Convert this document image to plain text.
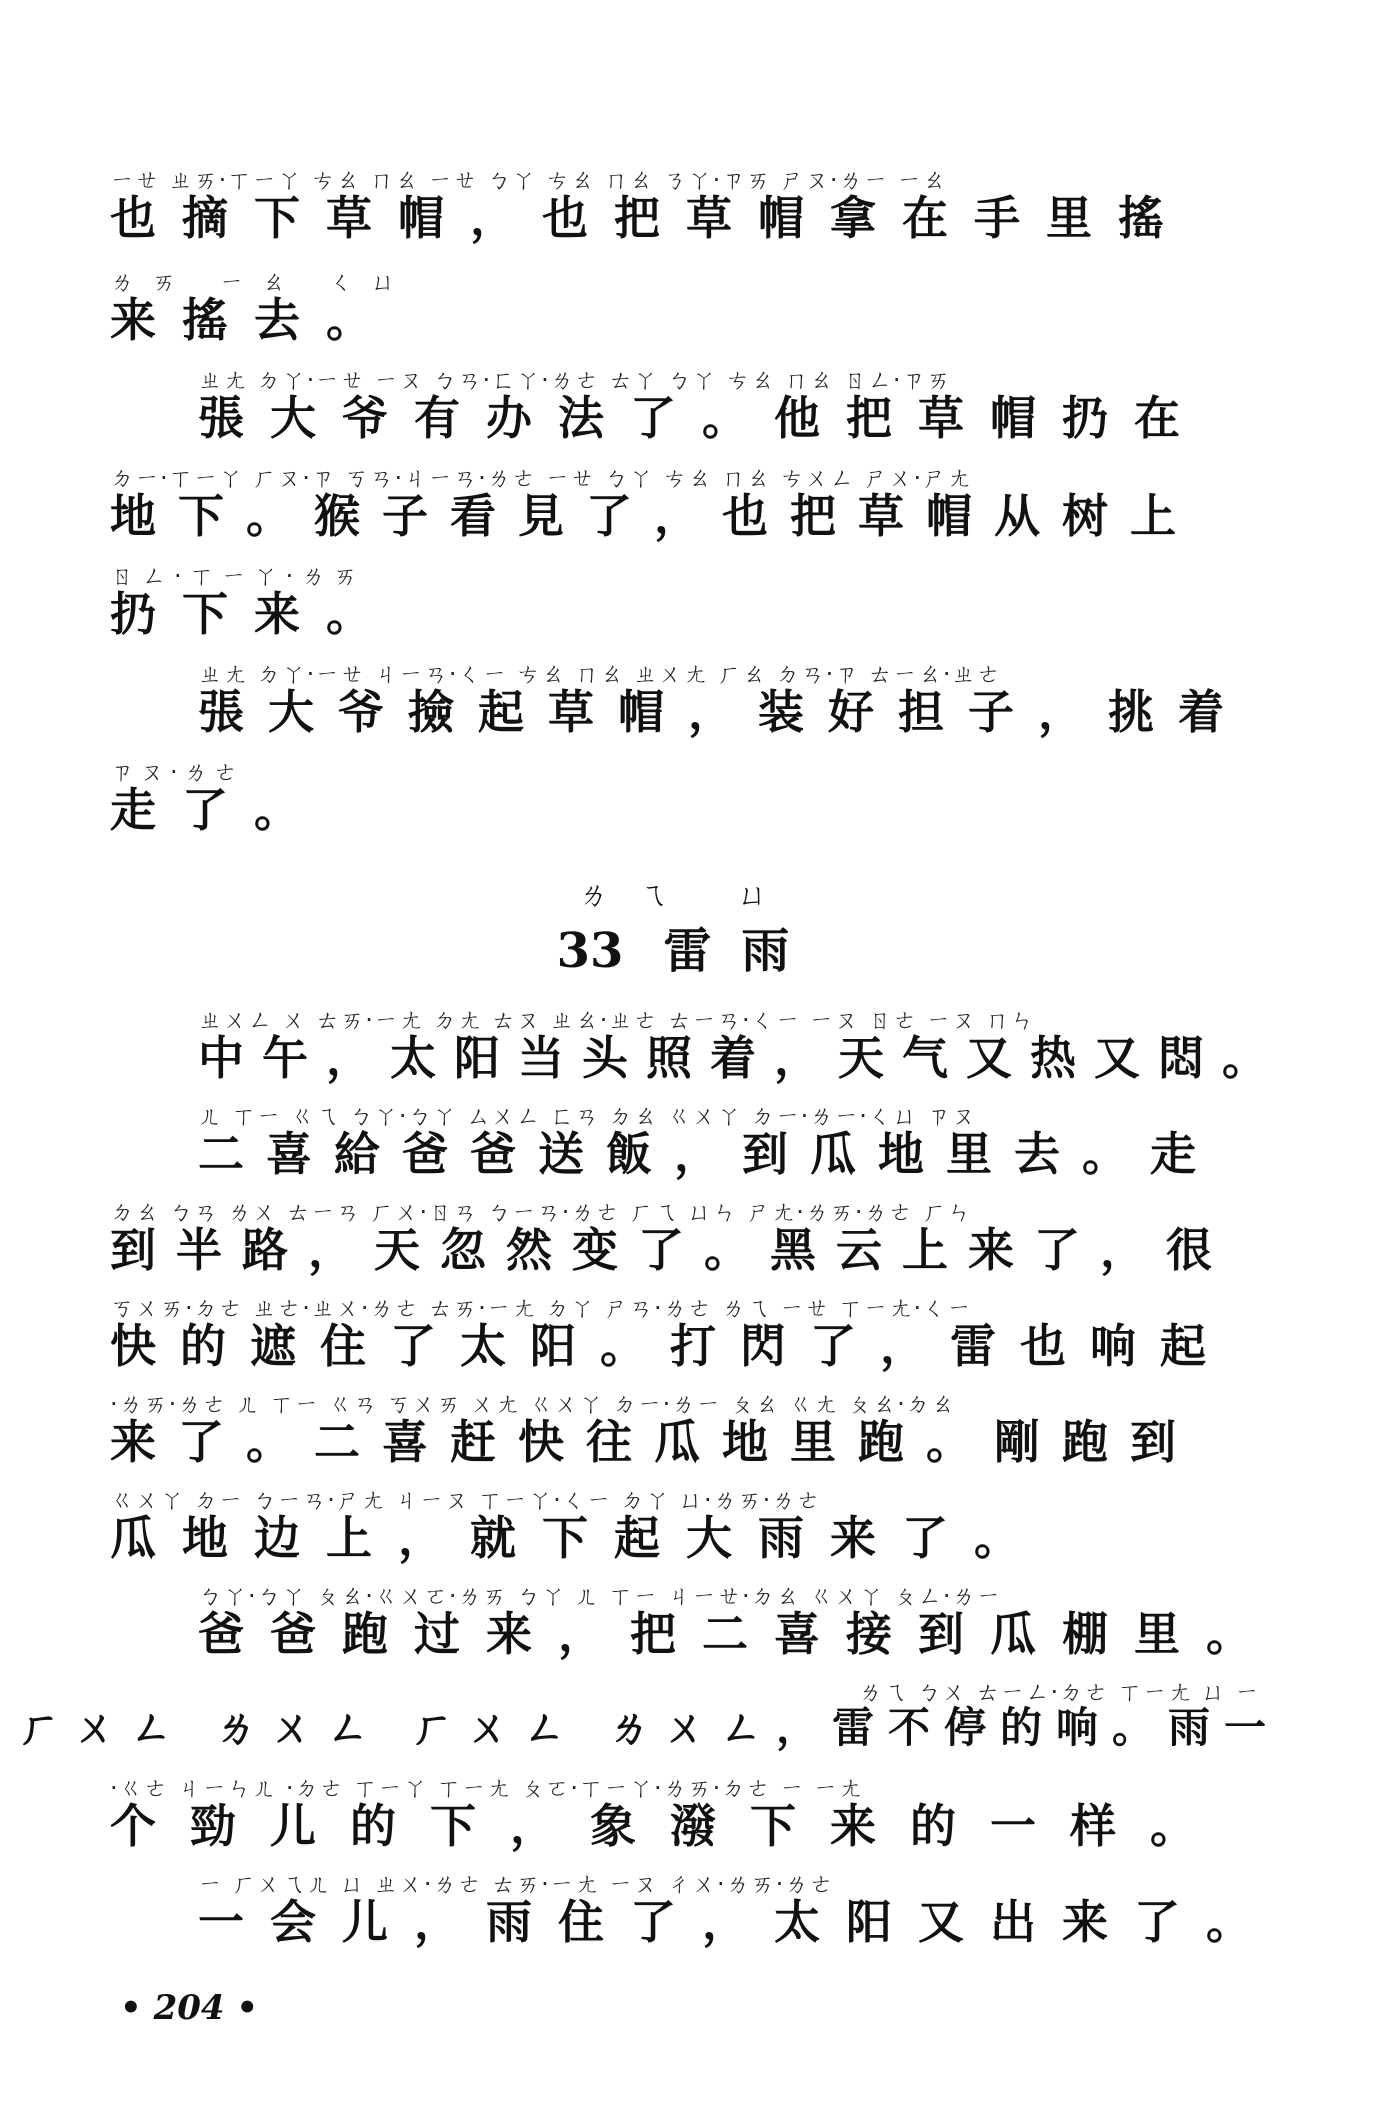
ㄧㄝ ㄓㄞ·ㄒㄧㄚ ㄘㄠ ㄇㄠ ㄧㄝ ㄅㄚ ㄘㄠ ㄇㄠ ㄋㄚ·ㄗㄞ ㄕㄡ·ㄌㄧ ㄧㄠ
也摘下草帽，也把草帽拿在手里搖
ㄌㄞ ㄧㄠ ㄑㄩ
来搖去。
ㄓㄤ ㄉㄚ·ㄧㄝ ㄧㄡ ㄅㄢ·ㄈㄚ·ㄌㄜ ㄊㄚ ㄅㄚ ㄘㄠ ㄇㄠ ㄖㄥ·ㄗㄞ
張大爷有办法了。他把草帽扔在
ㄉㄧ·ㄒㄧㄚ ㄏㄡ·ㄗ ㄎㄢ·ㄐㄧㄢ·ㄌㄜ ㄧㄝ ㄅㄚ ㄘㄠ ㄇㄠ ㄘㄨㄥ ㄕㄨ·ㄕㄤ
地下。猴子看見了，也把草帽从树上
ㄖㄥ·ㄒㄧㄚ·ㄌㄞ
扔下来。
ㄓㄤ ㄉㄚ·ㄧㄝ ㄐㄧㄢ·ㄑㄧ ㄘㄠ ㄇㄠ ㄓㄨㄤ ㄏㄠ ㄉㄢ·ㄗ ㄊㄧㄠ·ㄓㄜ
張大爷撿起草帽，装好担子，挑着
ㄗㄡ·ㄌㄜ
走了。
ㄌㄟ ㄩ
33 雷雨
ㄓㄨㄥ ㄨ ㄊㄞ·ㄧㄤ ㄉㄤ ㄊㄡ ㄓㄠ·ㄓㄜ ㄊㄧㄢ·ㄑㄧ ㄧㄡ ㄖㄜ ㄧㄡ ㄇㄣ
中午，太阳当头照着，天气又热又悶。
ㄦ ㄒㄧ ㄍㄟ ㄅㄚ·ㄅㄚ ㄙㄨㄥ ㄈㄢ ㄉㄠ ㄍㄨㄚ ㄉㄧ·ㄌㄧ·ㄑㄩ ㄗㄡ
二喜給爸爸送飯，到瓜地里去。走
ㄉㄠ ㄅㄢ ㄌㄨ ㄊㄧㄢ ㄏㄨ·ㄖㄢ ㄅㄧㄢ·ㄌㄜ ㄏㄟ ㄩㄣ ㄕㄤ·ㄌㄞ·ㄌㄜ ㄏㄣ
到半路，天忽然变了。黑云上来了，很
ㄎㄨㄞ·ㄉㄜ ㄓㄜ·ㄓㄨ·ㄌㄜ ㄊㄞ·ㄧㄤ ㄉㄚ ㄕㄢ·ㄌㄜ ㄌㄟ ㄧㄝ ㄒㄧㄤ·ㄑㄧ
快的遮住了太阳。打閃了，雷也响起
·ㄌㄞ·ㄌㄜ ㄦ ㄒㄧ ㄍㄢ ㄎㄨㄞ ㄨㄤ ㄍㄨㄚ ㄉㄧ·ㄌㄧ ㄆㄠ ㄍㄤ ㄆㄠ·ㄉㄠ
来了。二喜赶快往瓜地里跑。剛跑到
ㄍㄨㄚ ㄉㄧ ㄅㄧㄢ·ㄕㄤ ㄐㄧㄡ ㄒㄧㄚ·ㄑㄧ ㄉㄚ ㄩ·ㄌㄞ·ㄌㄜ
瓜地边上，就下起大雨来了。
ㄅㄚ·ㄅㄚ ㄆㄠ·ㄍㄨㄛ·ㄌㄞ ㄅㄚ ㄦ ㄒㄧ ㄐㄧㄝ·ㄉㄠ ㄍㄨㄚ ㄆㄥ·ㄌㄧ
爸爸跑过来，把二喜接到瓜棚里。
ㄌㄟ ㄅㄨ ㄊㄧㄥ·ㄉㄜ ㄒㄧㄤ ㄩ ㄧ
ㄏㄨㄥ ㄌㄨㄥ ㄏㄨㄥ ㄌㄨㄥ，雷不停的响。雨一
·ㄍㄜ ㄐㄧㄣㄦ ·ㄉㄜ ㄒㄧㄚ ㄒㄧㄤ ㄆㄛ·ㄒㄧㄚ·ㄌㄞ·ㄉㄜ ㄧ ㄧㄤ
个勁儿的下，象潑下来的一样。
ㄧ ㄏㄨㄟㄦ ㄩ ㄓㄨ·ㄌㄜ ㄊㄞ·ㄧㄤ ㄧㄡ ㄔㄨ·ㄌㄞ·ㄌㄜ
一会儿，雨住了，太阳又出来了。
• 204 •
